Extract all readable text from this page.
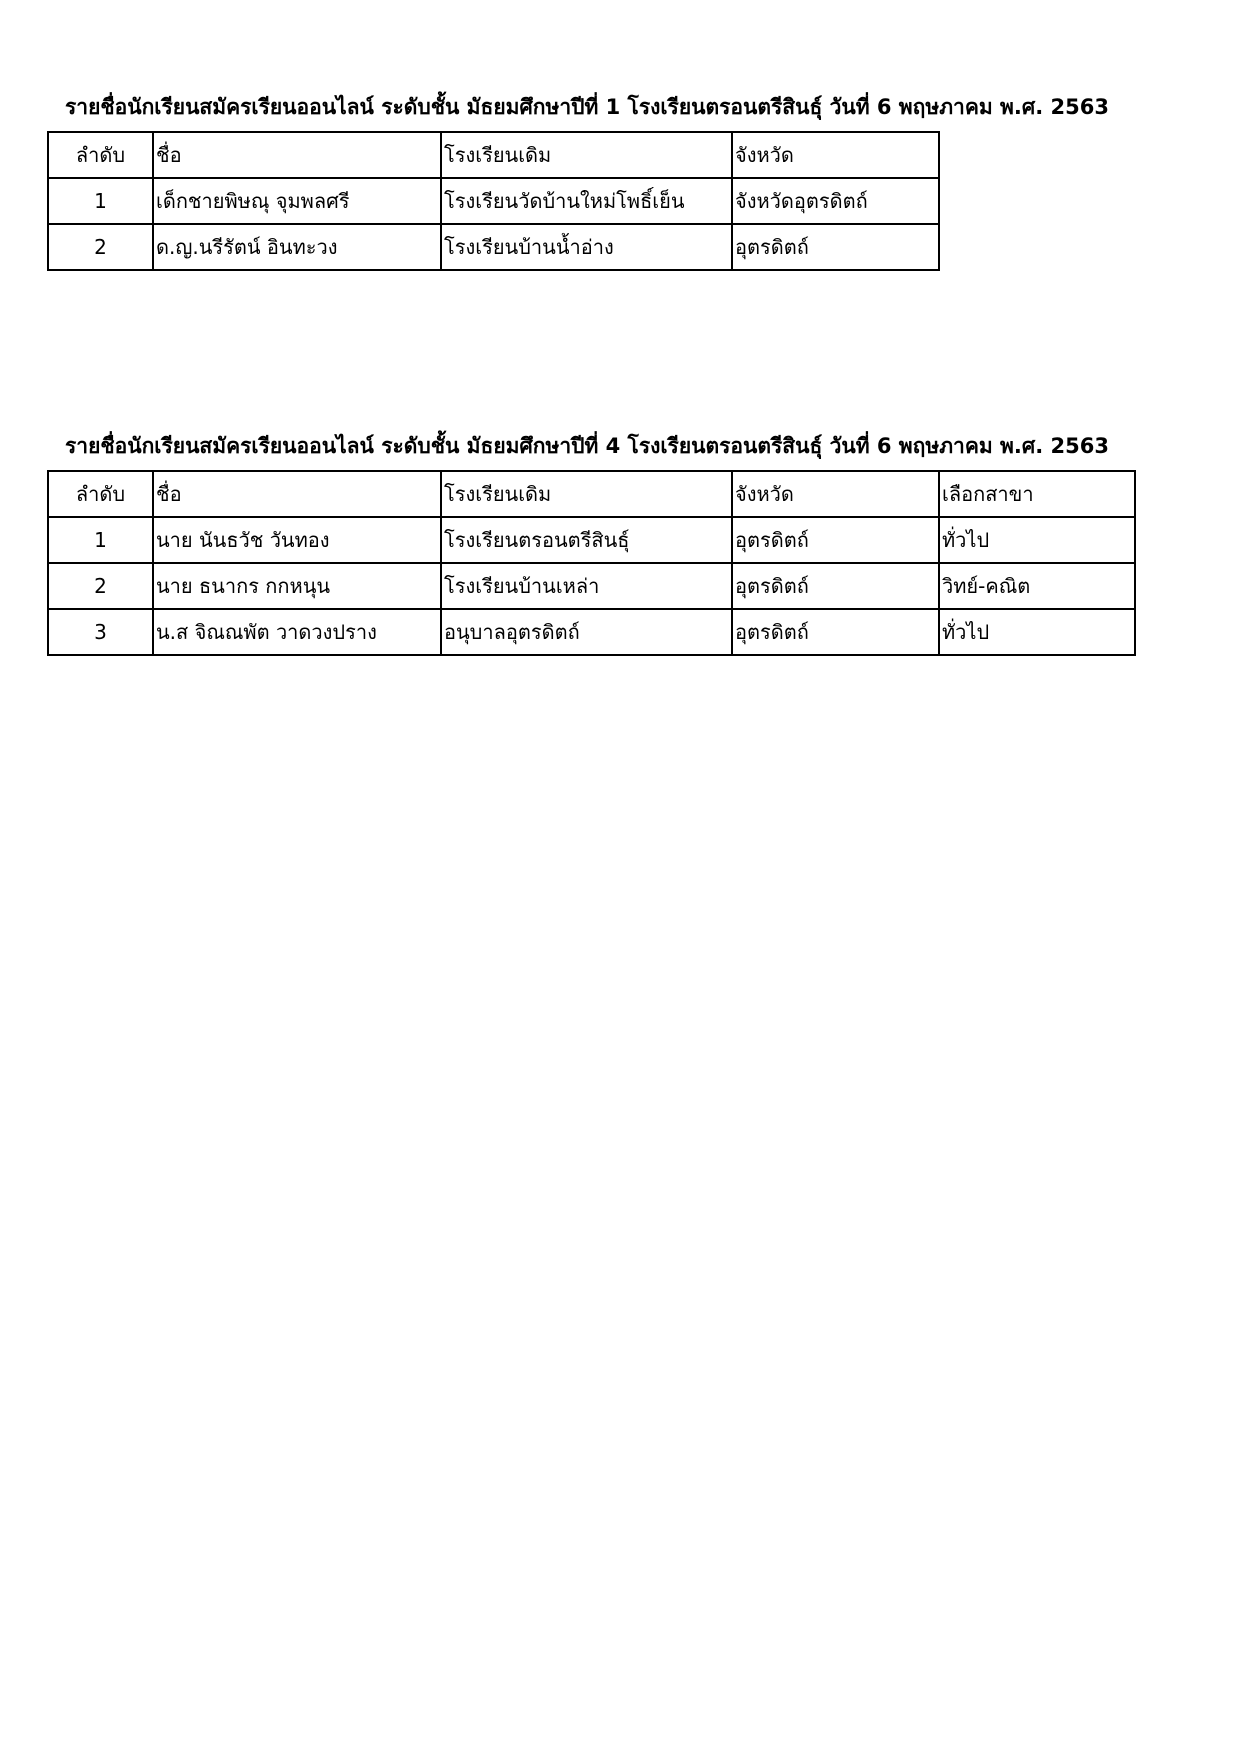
รายชื่อนักเรียนสมัครเรียนออนไลน์ ระดับชั้น มัธยมศึกษาปีที่ 1 โรงเรียนตรอนตรีสินธุ์ วันที่ 6 พฤษภาคม พ.ศ. 2563
ลำดับ	ชื่อ	โรงเรียนเดิม	จังหวัด
1	เด็กชายพิษณุ จุมพลศรี	โรงเรียนวัดบ้านใหม่โพธิ์เย็น	จังหวัดอุตรดิตถ์
2	ด.ญ.นรีรัตน์ อินทะวง	โรงเรียนบ้านน้ำอ่าง	อุตรดิตถ์
รายชื่อนักเรียนสมัครเรียนออนไลน์ ระดับชั้น มัธยมศึกษาปีที่ 4 โรงเรียนตรอนตรีสินธุ์ วันที่ 6 พฤษภาคม พ.ศ. 2563
ลำดับ	ชื่อ	โรงเรียนเดิม	จังหวัด	เลือกสาขา
1	นาย นันธวัช วันทอง	โรงเรียนตรอนตรีสินธุ์	อุตรดิตถ์	ทั่วไป
2	นาย ธนากร กกหนุน	โรงเรียนบ้านเหล่า	อุตรดิตถ์	วิทย์-คณิต
3	น.ส จิณณพัต วาดวงปราง	อนุบาลอุตรดิตถ์	อุตรดิตถ์	ทั่วไป
